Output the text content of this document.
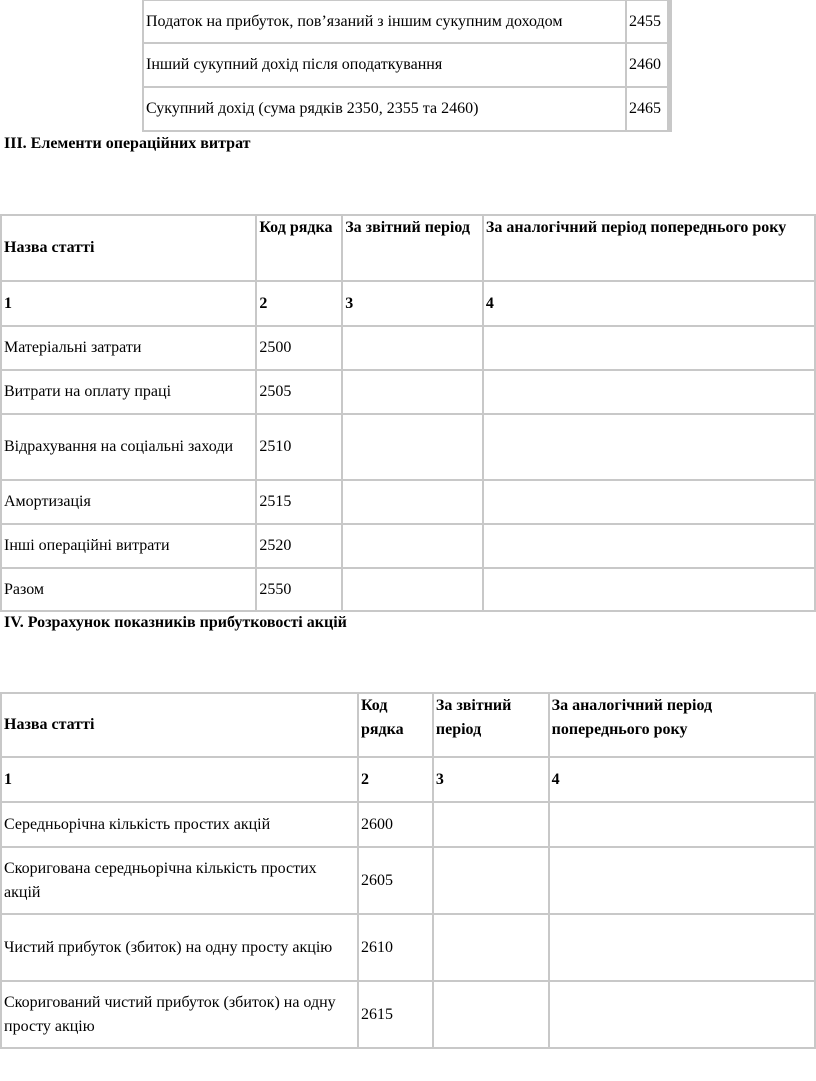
Податок на прибуток, пов’язаний з іншим сукупним доходом	2455
Інший сукупний дохід після оподаткування	2460
Сукупний дохід (сума рядків 2350, 2355 та 2460)	2465
ІІІ. Елементи операційних витрат
Назва статті	Код рядка	За звітний період	За аналогічний період попереднього року
1	2	3	4
Матеріальні затрати	2500		
Витрати на оплату праці	2505		
Відрахування на соціальні заходи	2510		
Амортизація	2515		
Інші операційні витрати	2520		
Разом	2550		
IV. Розрахунок показників прибутковості акцій
Назва статті	Код рядка	За звітний період	За аналогічний період попереднього року
1	2	3	4
Середньорічна кількість простих акцій	2600		
Скоригована середньорічна кількість простих акцій	2605		
Чистий прибуток (збиток) на одну просту акцію	2610		
Скоригований чистий прибуток (збиток) на одну просту акцію	2615		
